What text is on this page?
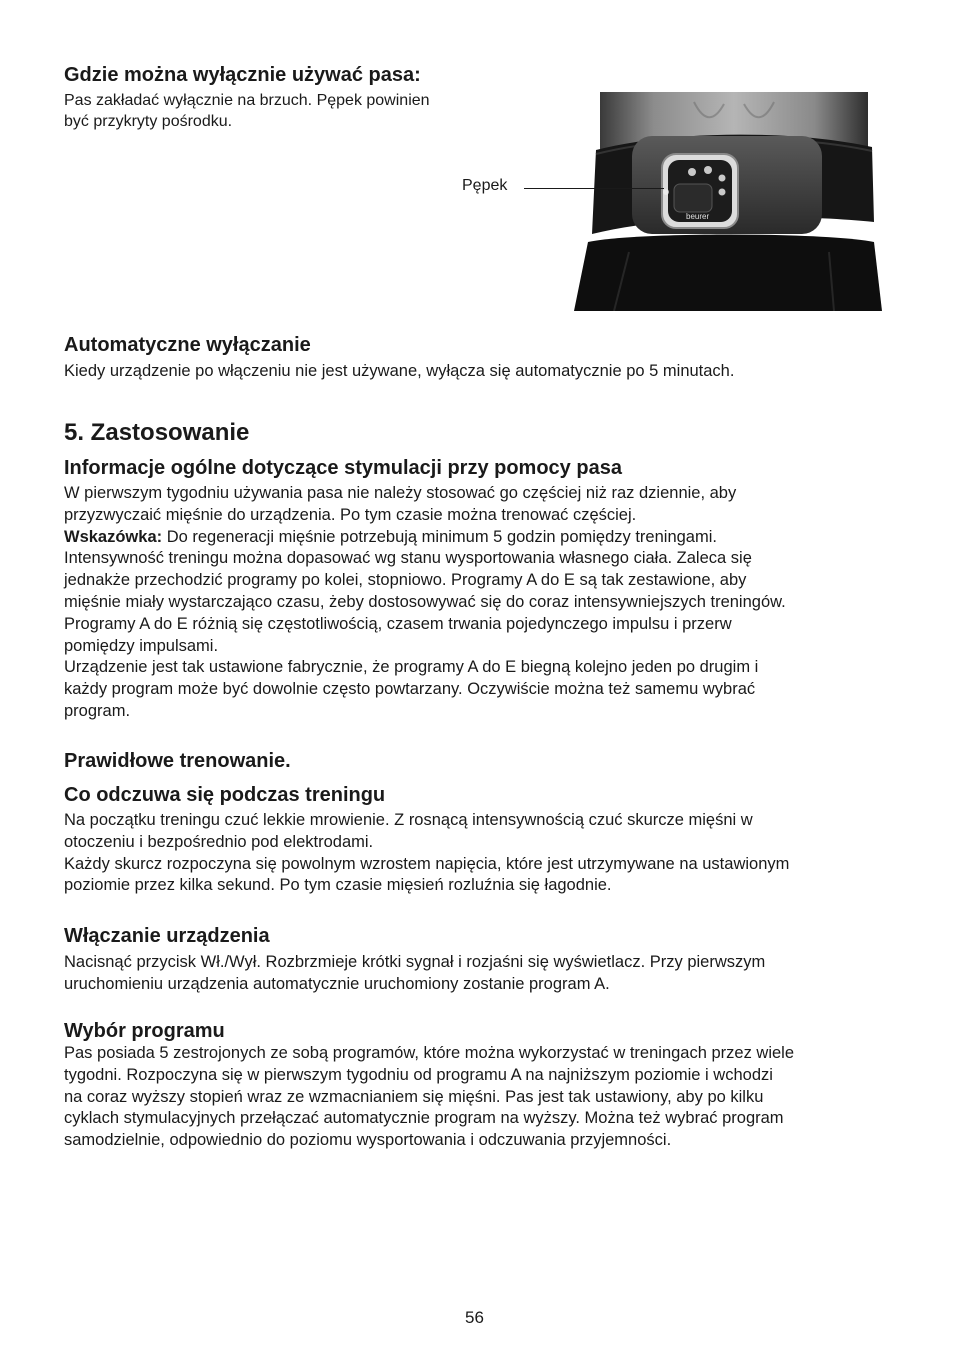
Gdzie można wyłącznie używać pasa:

Pas zakładać wyłącznie na brzuch. Pępek powinien

być przykryty pośrodku.

beurer
Pępek
Automatyczne wyłączanie

Kiedy urządzenie po włączeniu nie jest używane, wyłącza się automatycznie po 5 minutach.

5. Zastosowanie
Informacje ogólne dotyczące stymulacji przy pomocy pasa

W pierwszym tygodniu używania pasa nie należy stosować go częściej niż raz dziennie, aby

przyzwyczaić mięśnie do urządzenia. Po tym czasie można trenować częściej.

Wskazówka: Do regeneracji mięśnie potrzebują minimum 5 godzin pomiędzy treningami.

Intensywność treningu można dopasować wg stanu wysportowania własnego ciała. Zaleca się

jednakże przechodzić programy po kolei, stopniowo. Programy A do E są tak zestawione, aby

mięśnie miały wystarczająco czasu, żeby dostosowywać się do coraz intensywniejszych treningów.

Programy A do E różnią się częstotliwością, czasem trwania pojedynczego impulsu i przerw

pomiędzy impulsami.

Urządzenie jest tak ustawione fabrycznie, że programy A do E biegną kolejno jeden po drugim i

każdy program może być dowolnie często powtarzany. Oczywiście można też samemu wybrać

program.

Prawidłowe trenowanie.
Co odczuwa się podczas treningu

Na początku treningu czuć lekkie mrowienie. Z rosnącą intensywnością czuć skurcze mięśni w

otoczeniu i bezpośrednio pod elektrodami.

Każdy skurcz rozpoczyna się powolnym wzrostem napięcia, które jest utrzymywane na ustawionym

poziomie przez kilka sekund. Po tym czasie mięsień rozluźnia się łagodnie.

Włączanie urządzenia

Nacisnąć przycisk Wł./Wył. Rozbrzmieje krótki sygnał i rozjaśni się wyświetlacz. Przy pierwszym

uruchomieniu urządzenia automatycznie uruchomiony zostanie program A.

Wybór programu

Pas posiada 5 zestrojonych ze sobą programów, które można wykorzystać w treningach przez wiele

tygodni. Rozpoczyna się w pierwszym tygodniu od programu A na najniższym poziomie i wchodzi

na coraz wyższy stopień wraz ze wzmacnianiem się mięśni. Pas jest tak ustawiony, aby po kilku

cyklach stymulacyjnych przełączać automatycznie program na wyższy. Można też wybrać program

samodzielnie, odpowiednio do poziomu wysportowania i odczuwania przyjemności.

56
